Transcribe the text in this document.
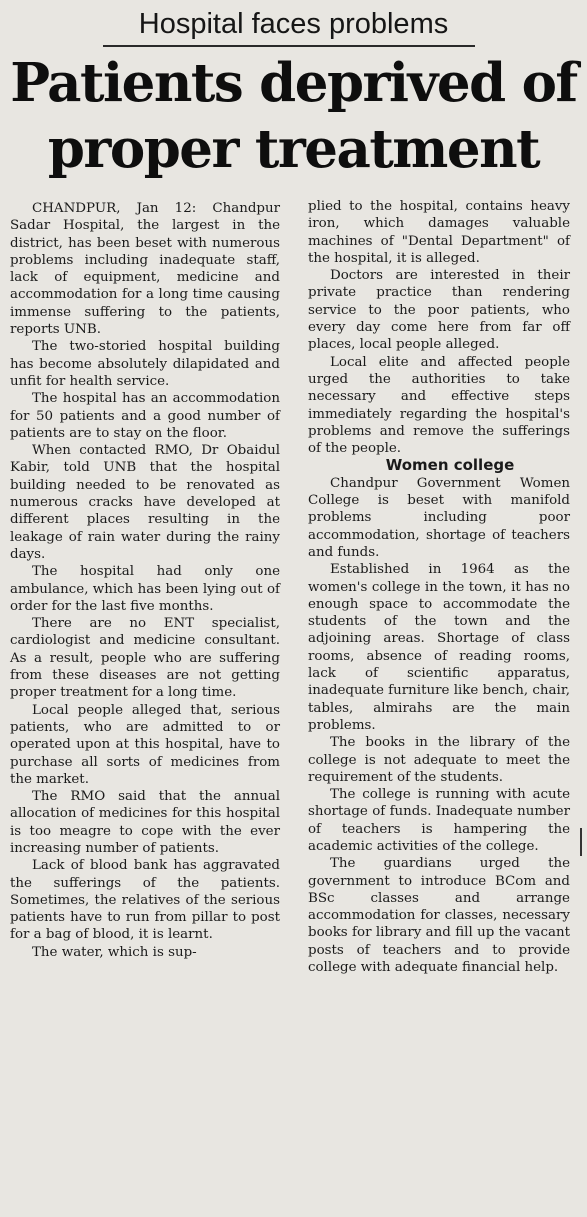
Hospital faces problems
Patients deprived of
proper treatment

CHANDPUR, Jan 12: Chandpur Sadar Hospital, the largest in the district, has been beset with numerous problems including inadequate staff, lack of equipment, medicine and accommodation for a long time causing immense suffering to the patients, reports UNB.

The two-storied hospital building has become absolutely dilapidated and unfit for health service.

The hospital has an accommodation for 50 patients and a good number of patients are to stay on the floor.

When contacted RMO, Dr Obaidul Kabir, told UNB that the hospital building needed to be renovated as numerous cracks have developed at different places resulting in the leakage of rain water during the rainy days.

The hospital had only one ambulance, which has been lying out of order for the last five months.

There are no ENT specialist, cardiologist and medicine consultant. As a result, people who are suffering from these diseases are not getting proper treatment for a long time.

Local people alleged that, serious patients, who are admitted to or operated upon at this hospital, have to purchase all sorts of medicines from the market.

The RMO said that the annual allocation of medicines for this hospital is too meagre to cope with the ever increasing number of patients.

Lack of blood bank has aggravated the sufferings of the patients. Sometimes, the relatives of the serious patients have to run from pillar to post for a bag of blood, it is learnt.

The water, which is sup-

plied to the hospital, contains heavy iron, which damages valuable machines of "Dental Department" of the hospital, it is alleged.

Doctors are interested in their private practice than rendering service to the poor patients, who every day come here from far off places, local people alleged.

Local elite and affected people urged the authorities to take necessary and effective steps immediately regarding the hospital's problems and remove the sufferings of the people.

Women college

Chandpur Government Women College is beset with manifold problems including poor accommodation, shortage of teachers and funds.

Established in 1964 as the women's college in the town, it has no enough space to accommodate the students of the town and the adjoining areas. Shortage of class rooms, absence of reading rooms, lack of scientific apparatus, inadequate furniture like bench, chair, tables, almirahs are the main problems.

The books in the library of the college is not adequate to meet the requirement of the students.

The college is running with acute shortage of funds. Inadequate number of teachers is hampering the academic activities of the college.

The guardians urged the government to introduce BCom and BSc classes and arrange accommodation for classes, necessary books for library and fill up the vacant posts of teachers and to provide college with adequate financial help.
